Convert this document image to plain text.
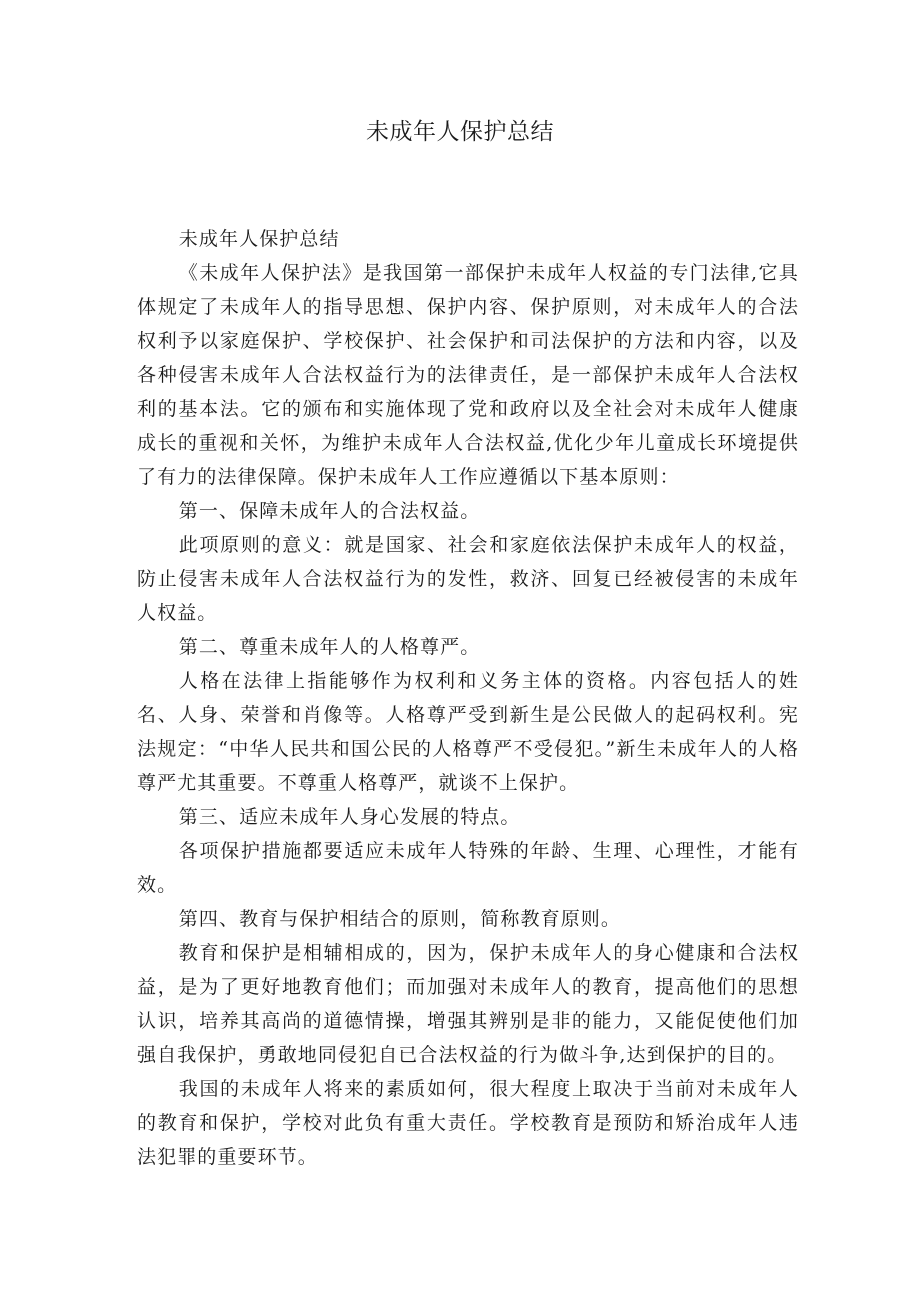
未成年人保护总结

未成年人保护总结

《未成年人保护法》是我国第一部保护未成年人权益的专门法律,它具体规定了未成年人的指导思想、保护内容、保护原则，对未成年人的合法权利予以家庭保护、学校保护、社会保护和司法保护的方法和内容，以及各种侵害未成年人合法权益行为的法律责任，是一部保护未成年人合法权利的基本法。它的颁布和实施体现了党和政府以及全社会对未成年人健康成长的重视和关怀，为维护未成年人合法权益,优化少年儿童成长环境提供了有力的法律保障。保护未成年人工作应遵循以下基本原则：

第一、保障未成年人的合法权益。

此项原则的意义：就是国家、社会和家庭依法保护未成年人的权益，防止侵害未成年人合法权益行为的发性，救济、回复已经被侵害的未成年人权益。

第二、尊重未成年人的人格尊严。

人格在法律上指能够作为权利和义务主体的资格。内容包括人的姓名、人身、荣誉和肖像等。人格尊严受到新生是公民做人的起码权利。宪法规定：“中华人民共和国公民的人格尊严不受侵犯。”新生未成年人的人格尊严尤其重要。不尊重人格尊严，就谈不上保护。

第三、适应未成年人身心发展的特点。

各项保护措施都要适应未成年人特殊的年龄、生理、心理性，才能有效。

第四、教育与保护相结合的原则，简称教育原则。

教育和保护是相辅相成的，因为，保护未成年人的身心健康和合法权益，是为了更好地教育他们；而加强对未成年人的教育，提高他们的思想认识，培养其高尚的道德情操，增强其辨别是非的能力，又能促使他们加强自我保护，勇敢地同侵犯自已合法权益的行为做斗争,达到保护的目的。

我国的未成年人将来的素质如何，很大程度上取决于当前对未成年人的教育和保护，学校对此负有重大责任。学校教育是预防和矫治成年人违法犯罪的重要环节。
